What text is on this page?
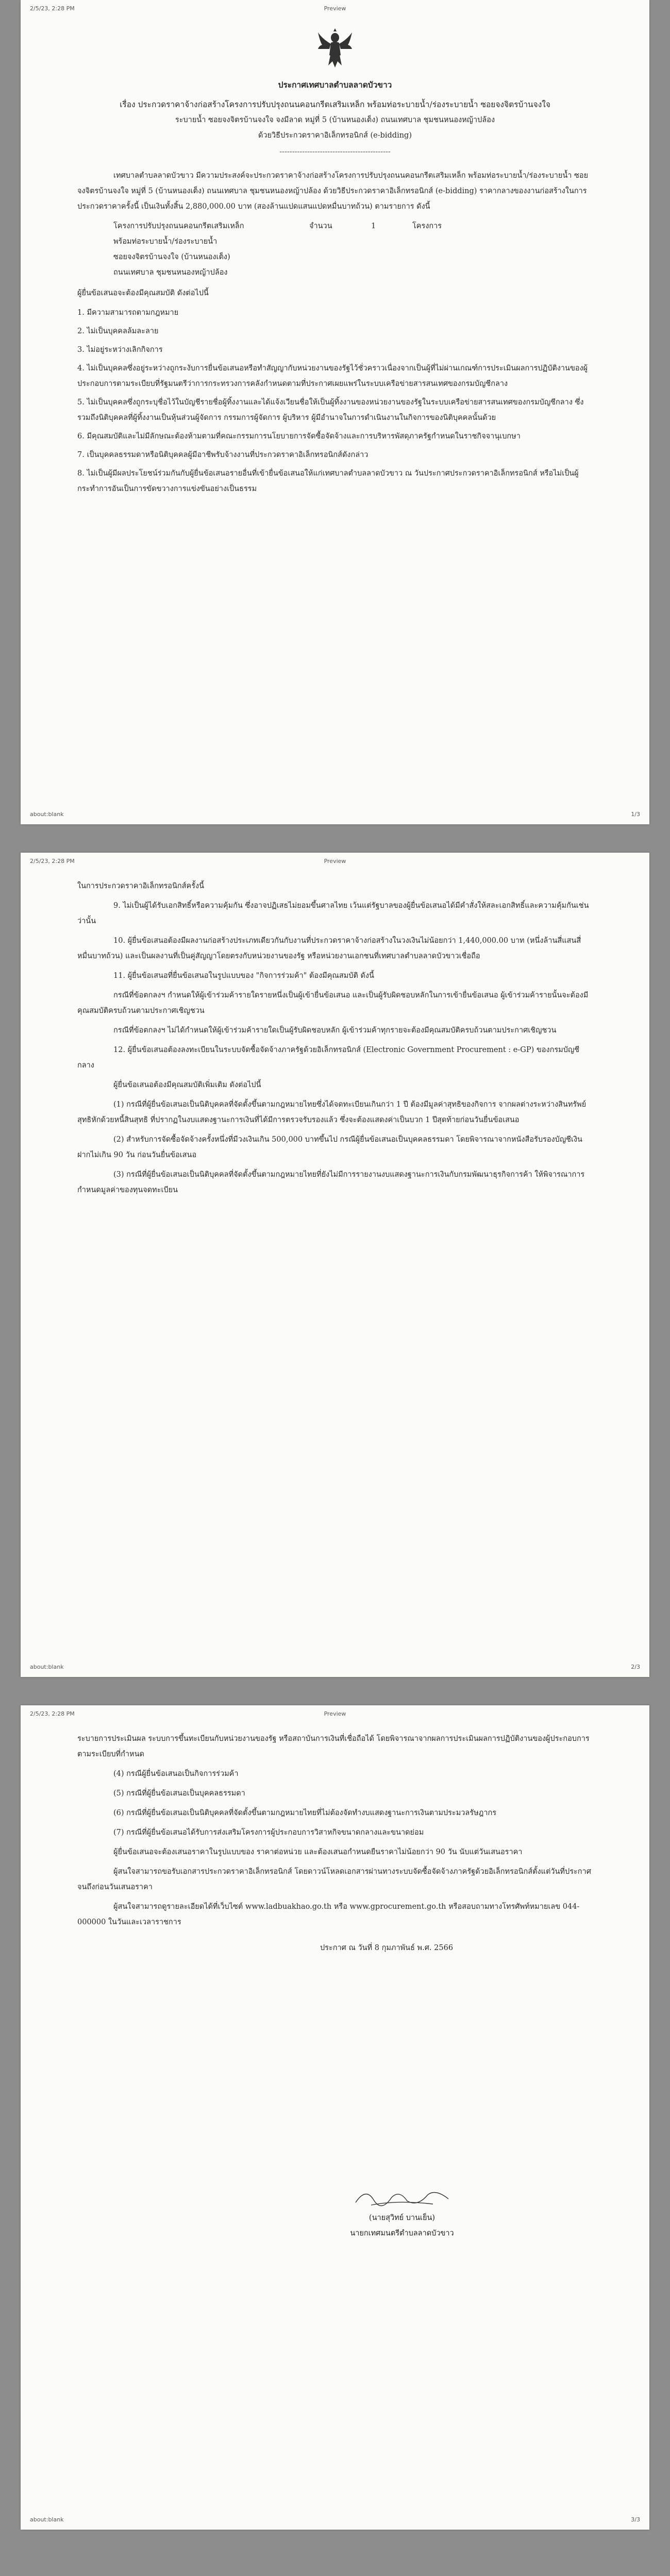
2/5/23, 2:28 PM	Preview

ประกาศเทศบาลตำบลลาดบัวขาว

เรื่อง ประกวดราคาจ้างก่อสร้างโครงการปรับปรุงถนนคอนกรีตเสริมเหล็ก พร้อมท่อระบายน้ำ/ร่องระบายน้ำ ซอยจงจิตรบ้านจงใจ

ระบายน้ำ ซอยจงจิตรบ้านจงใจ จงมีลาด หมู่ที่ 5 (บ้านหนองเต็ง) ถนนเทศบาล ชุมชนหนองหญ้าปล้อง

ด้วยวิธีประกวดราคาอิเล็กทรอนิกส์ (e-bidding)

--------------------------------------------

เทศบาลตำบลลาดบัวขาว มีความประสงค์จะประกวดราคาจ้างก่อสร้างโครงการปรับปรุงถนนคอนกรีตเสริมเหล็ก พร้อมท่อระบายน้ำ/ร่องระบายน้ำ ซอยจงจิตรบ้านจงใจ หมู่ที่ 5 (บ้านหนองเต็ง) ถนนเทศบาล ชุมชนหนองหญ้าปล้อง ด้วยวิธีประกวดราคาอิเล็กทรอนิกส์ (e-bidding) ราคากลางของงานก่อสร้างในการประกวดราคาครั้งนี้ เป็นเงินทั้งสิ้น 2,880,000.00 บาท (สองล้านแปดแสนแปดหมื่นบาทถ้วน) ตามรายการ ดังนี้

โครงการปรับปรุงถนนคอนกรีตเสริมเหล็ก
พร้อมท่อระบายน้ำ/ร่องระบายน้ำ
ซอยจงจิตรบ้านจงใจ (บ้านหนองเต็ง)
ถนนเทศบาล ชุมชนหนองหญ้าปล้อง
จำนวน	1	โครงการ

ผู้ยื่นข้อเสนอจะต้องมีคุณสมบัติ ดังต่อไปนี้

1. มีความสามารถตามกฎหมาย
2. ไม่เป็นบุคคลล้มละลาย
3. ไม่อยู่ระหว่างเลิกกิจการ
4. ไม่เป็นบุคคลซึ่งอยู่ระหว่างถูกระงับการยื่นข้อเสนอหรือทำสัญญากับหน่วยงานของรัฐไว้ชั่วคราวเนื่องจากเป็นผู้ที่ไม่ผ่านเกณฑ์การประเมินผลการปฏิบัติงานของผู้ประกอบการตามระเบียบที่รัฐมนตรีว่าการกระทรวงการคลังกำหนดตามที่ประกาศเผยแพร่ในระบบเครือข่ายสารสนเทศของกรมบัญชีกลาง
5. ไม่เป็นบุคคลซึ่งถูกระบุชื่อไว้ในบัญชีรายชื่อผู้ทิ้งงานและได้แจ้งเวียนชื่อให้เป็นผู้ทิ้งงานของหน่วยงานของรัฐในระบบเครือข่ายสารสนเทศของกรมบัญชีกลาง ซึ่งรวมถึงนิติบุคคลที่ผู้ทิ้งงานเป็นหุ้นส่วนผู้จัดการ กรรมการผู้จัดการ ผู้บริหาร ผู้มีอำนาจในการดำเนินงานในกิจการของนิติบุคคลนั้นด้วย
6. มีคุณสมบัติและไม่มีลักษณะต้องห้ามตามที่คณะกรรมการนโยบายการจัดซื้อจัดจ้างและการบริหารพัสดุภาครัฐกำหนดในราชกิจจานุเบกษา
7. เป็นบุคคลธรรมดาหรือนิติบุคคลผู้มีอาชีพรับจ้างงานที่ประกวดราคาอิเล็กทรอนิกส์ดังกล่าว
8. ไม่เป็นผู้มีผลประโยชน์ร่วมกันกับผู้ยื่นข้อเสนอรายอื่นที่เข้ายื่นข้อเสนอให้แก่เทศบาลตำบลลาดบัวขาว ณ วันประกาศประกวดราคาอิเล็กทรอนิกส์ หรือไม่เป็นผู้กระทำการอันเป็นการขัดขวางการแข่งขันอย่างเป็นธรรม
about:blank	1/3
2/5/23, 2:28 PM	Preview

ในการประกวดราคาอิเล็กทรอนิกส์ครั้งนี้

9. ไม่เป็นผู้ได้รับเอกสิทธิ์หรือความคุ้มกัน ซึ่งอาจปฏิเสธไม่ยอมขึ้นศาลไทย เว้นแต่รัฐบาลของผู้ยื่นข้อเสนอได้มีคำสั่งให้สละเอกสิทธิ์และความคุ้มกันเช่นว่านั้น

10. ผู้ยื่นข้อเสนอต้องมีผลงานก่อสร้างประเภทเดียวกันกับงานที่ประกวดราคาจ้างก่อสร้างในวงเงินไม่น้อยกว่า 1,440,000.00 บาท (หนึ่งล้านสี่แสนสี่หมื่นบาทถ้วน) และเป็นผลงานที่เป็นคู่สัญญาโดยตรงกับหน่วยงานของรัฐ หรือหน่วยงานเอกชนที่เทศบาลตำบลลาดบัวขาวเชื่อถือ

11. ผู้ยื่นข้อเสนอที่ยื่นข้อเสนอในรูปแบบของ "กิจการร่วมค้า" ต้องมีคุณสมบัติ ดังนี้

กรณีที่ข้อตกลงฯ กำหนดให้ผู้เข้าร่วมค้ารายใดรายหนึ่งเป็นผู้เข้ายื่นข้อเสนอ และเป็นผู้รับผิดชอบหลักในการเข้ายื่นข้อเสนอ ผู้เข้าร่วมค้ารายนั้นจะต้องมีคุณสมบัติครบถ้วนตามประกาศเชิญชวน

กรณีที่ข้อตกลงฯ ไม่ได้กำหนดให้ผู้เข้าร่วมค้ารายใดเป็นผู้รับผิดชอบหลัก ผู้เข้าร่วมค้าทุกรายจะต้องมีคุณสมบัติครบถ้วนตามประกาศเชิญชวน

12. ผู้ยื่นข้อเสนอต้องลงทะเบียนในระบบจัดซื้อจัดจ้างภาครัฐด้วยอิเล็กทรอนิกส์ (Electronic Government Procurement : e-GP) ของกรมบัญชีกลาง

ผู้ยื่นข้อเสนอต้องมีคุณสมบัติเพิ่มเติม ดังต่อไปนี้

(1) กรณีที่ผู้ยื่นข้อเสนอเป็นนิติบุคคลที่จัดตั้งขึ้นตามกฎหมายไทยซึ่งได้จดทะเบียนเกินกว่า 1 ปี ต้องมีมูลค่าสุทธิของกิจการ จากผลต่างระหว่างสินทรัพย์สุทธิหักด้วยหนี้สินสุทธิ ที่ปรากฏในงบแสดงฐานะการเงินที่ได้มีการตรวจรับรองแล้ว ซึ่งจะต้องแสดงค่าเป็นบวก 1 ปีสุดท้ายก่อนวันยื่นข้อเสนอ

(2) สำหรับการจัดซื้อจัดจ้างครั้งหนึ่งที่มีวงเงินเกิน 500,000 บาทขึ้นไป กรณีผู้ยื่นข้อเสนอเป็นบุคคลธรรมดา โดยพิจารณาจากหนังสือรับรองบัญชีเงินฝากไม่เกิน 90 วัน ก่อนวันยื่นข้อเสนอ

(3) กรณีที่ผู้ยื่นข้อเสนอเป็นนิติบุคคลที่จัดตั้งขึ้นตามกฎหมายไทยที่ยังไม่มีการรายงานงบแสดงฐานะการเงินกับกรมพัฒนาธุรกิจการค้า ให้พิจารณาการกำหนดมูลค่าของทุนจดทะเบียน

about:blank	2/3
2/5/23, 2:28 PM	Preview

ระบายการประเมินผล ระบบการขึ้นทะเบียนกับหน่วยงานของรัฐ หรือสถาบันการเงินที่เชื่อถือได้ โดยพิจารณาจากผลการประเมินผลการปฏิบัติงานของผู้ประกอบการตามระเบียบที่กำหนด

(4) กรณีผู้ยื่นข้อเสนอเป็นกิจการร่วมค้า

(5) กรณีที่ผู้ยื่นข้อเสนอเป็นบุคคลธรรมดา

(6) กรณีที่ผู้ยื่นข้อเสนอเป็นนิติบุคคลที่จัดตั้งขึ้นตามกฎหมายไทยที่ไม่ต้องจัดทำงบแสดงฐานะการเงินตามประมวลรัษฎากร

(7) กรณีที่ผู้ยื่นข้อเสนอได้รับการส่งเสริมโครงการผู้ประกอบการวิสาหกิจขนาดกลางและขนาดย่อม

ผู้ยื่นข้อเสนอจะต้องเสนอราคาในรูปแบบของ ราคาต่อหน่วย และต้องเสนอกำหนดยืนราคาไม่น้อยกว่า 90 วัน นับแต่วันเสนอราคา

ผู้สนใจสามารถขอรับเอกสารประกวดราคาอิเล็กทรอนิกส์ โดยดาวน์โหลดเอกสารผ่านทางระบบจัดซื้อจัดจ้างภาครัฐด้วยอิเล็กทรอนิกส์ตั้งแต่วันที่ประกาศจนถึงก่อนวันเสนอราคา

ผู้สนใจสามารถดูรายละเอียดได้ที่เว็บไซต์ www.ladbuakhao.go.th หรือ www.gprocurement.go.th หรือสอบถามทางโทรศัพท์หมายเลข 044-000000 ในวันและเวลาราชการ

ประกาศ ณ วันที่ 8 กุมภาพันธ์ พ.ศ. 2566

(นายสุวิทย์ บานเย็น)
นายกเทศมนตรีตำบลลาดบัวขาว
about:blank	3/3
